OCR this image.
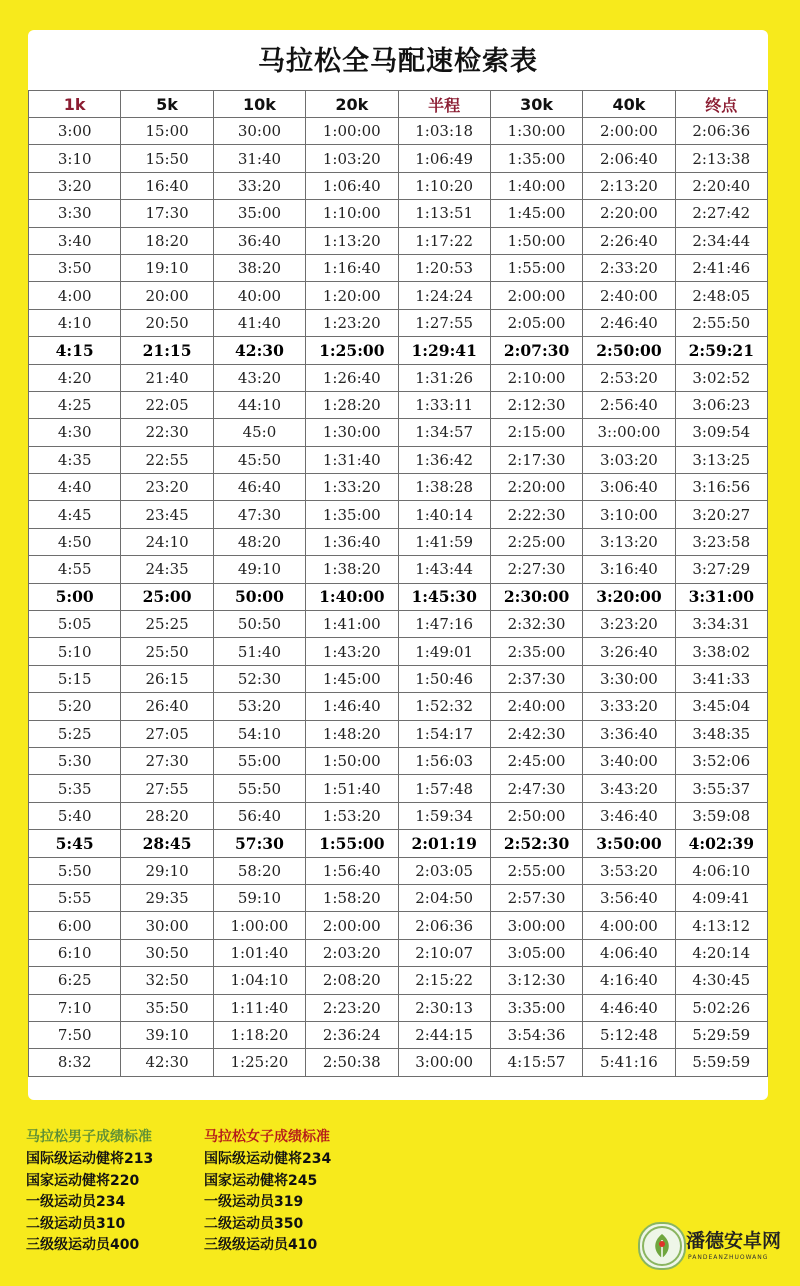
马拉松全马配速检索表
1k	5k	10k	20k	半程	30k	40k	终点
3:00	15:00	30:00	1:00:00	1:03:18	1:30:00	2:00:00	2:06:36
3:10	15:50	31:40	1:03:20	1:06:49	1:35:00	2:06:40	2:13:38
3:20	16:40	33:20	1:06:40	1:10:20	1:40:00	2:13:20	2:20:40
3:30	17:30	35:00	1:10:00	1:13:51	1:45:00	2:20:00	2:27:42
3:40	18:20	36:40	1:13:20	1:17:22	1:50:00	2:26:40	2:34:44
3:50	19:10	38:20	1:16:40	1:20:53	1:55:00	2:33:20	2:41:46
4:00	20:00	40:00	1:20:00	1:24:24	2:00:00	2:40:00	2:48:05
4:10	20:50	41:40	1:23:20	1:27:55	2:05:00	2:46:40	2:55:50
4:15	21:15	42:30	1:25:00	1:29:41	2:07:30	2:50:00	2:59:21
4:20	21:40	43:20	1:26:40	1:31:26	2:10:00	2:53:20	3:02:52
4:25	22:05	44:10	1:28:20	1:33:11	2:12:30	2:56:40	3:06:23
4:30	22:30	45:0	1:30:00	1:34:57	2:15:00	3::00:00	3:09:54
4:35	22:55	45:50	1:31:40	1:36:42	2:17:30	3:03:20	3:13:25
4:40	23:20	46:40	1:33:20	1:38:28	2:20:00	3:06:40	3:16:56
4:45	23:45	47:30	1:35:00	1:40:14	2:22:30	3:10:00	3:20:27
4:50	24:10	48:20	1:36:40	1:41:59	2:25:00	3:13:20	3:23:58
4:55	24:35	49:10	1:38:20	1:43:44	2:27:30	3:16:40	3:27:29
5:00	25:00	50:00	1:40:00	1:45:30	2:30:00	3:20:00	3:31:00
5:05	25:25	50:50	1:41:00	1:47:16	2:32:30	3:23:20	3:34:31
5:10	25:50	51:40	1:43:20	1:49:01	2:35:00	3:26:40	3:38:02
5:15	26:15	52:30	1:45:00	1:50:46	2:37:30	3:30:00	3:41:33
5:20	26:40	53:20	1:46:40	1:52:32	2:40:00	3:33:20	3:45:04
5:25	27:05	54:10	1:48:20	1:54:17	2:42:30	3:36:40	3:48:35
5:30	27:30	55:00	1:50:00	1:56:03	2:45:00	3:40:00	3:52:06
5:35	27:55	55:50	1:51:40	1:57:48	2:47:30	3:43:20	3:55:37
5:40	28:20	56:40	1:53:20	1:59:34	2:50:00	3:46:40	3:59:08
5:45	28:45	57:30	1:55:00	2:01:19	2:52:30	3:50:00	4:02:39
5:50	29:10	58:20	1:56:40	2:03:05	2:55:00	3:53:20	4:06:10
5:55	29:35	59:10	1:58:20	2:04:50	2:57:30	3:56:40	4:09:41
6:00	30:00	1:00:00	2:00:00	2:06:36	3:00:00	4:00:00	4:13:12
6:10	30:50	1:01:40	2:03:20	2:10:07	3:05:00	4:06:40	4:20:14
6:25	32:50	1:04:10	2:08:20	2:15:22	3:12:30	4:16:40	4:30:45
7:10	35:50	1:11:40	2:23:20	2:30:13	3:35:00	4:46:40	5:02:26
7:50	39:10	1:18:20	2:36:24	2:44:15	3:54:36	5:12:48	5:29:59
8:32	42:30	1:25:20	2:50:38	3:00:00	4:15:57	5:41:16	5:59:59
马拉松男子成绩标准
国际级运动健将213
国家运动健将220
一级运动员234
二级运动员310
三级级运动员400
马拉松女子成绩标准
国际级运动健将234
国家运动健将245
一级运动员319
二级运动员350
三级级运动员410	潘德安卓网
PANDEANZHUOWANG
